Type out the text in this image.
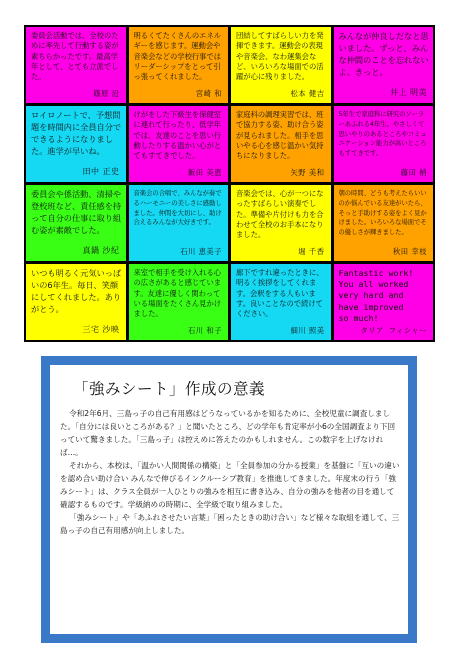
委員会活動では、全校のために率先して行動する姿が素ちらかったです。最高学年として、とても立派でした。
篠原 沿
明るくてたくさんのエネルギーを感じます。運動会や音楽会などの学校行事ではリーダーシップをとって引っ張ってくれました。
宮崎 和
団結してすばらしい力を発揮できます。運動会の表現や音楽会、なわ運集会など、いろいろな場面での活躍が心に残りました。
松本 健吉
みんなが仲良しだなと思いました。ずっと、みんな仲間のことを忘れないよ。きっと。
井上 明美
ロイロノートで、予想問題を時間内に全員自分でできるようになりました。進学が早いね。
田中 正史
けがをした下級生を保健室に連れて行ったり、低学年では、友達のことを思い行動したりする温かい心がとてもすてきでした。
飯田 美恵
家庭科の調理実習では、班で協力する姿、助け合う姿が見られました。相手を思いやる心を感じ温かい気持ちになりました。
矢野 美和
5年生で家庭科に研究のソーラーあふれる4年生。やさしくて思いやりのあるところやコミュニケーション能力が高いところもすてきです。
藤田 梢
委員会や係活動、清掃や登校班など、責任感を持って自分の仕事に取り組む姿が素敵でした。
真鍋 沙紀
音楽会の合唱で、みんなが奏でるハーモニーの美しさに感動しました。仲間を大切にし、助け合えるみんなが大好きです。
石川 恵美子
音楽会では、心が一つになったすばらしい演奏でした。準備や片付けも力を合わせて全校のお手本になりました。
堀 千香
朝の時間、どうも考えたらいいのか悩んでいる友達がいたら、そっと手助けする姿をよく見かけました。いろいろな場面でその優しさが輝きました。
秋田 幸枝
いつも明るく元気いっぱいの6年生。毎日、笑顔にしてくれました。ありがとう。
三宅 沙映
来室で相手を受け入れる心の広さがあると感じています。友達に優しく関わっている場面をたくさん見かけました。
石川 和子
廊下ですれ違ったときに、明るく挨拶をしてくれます。会釈をする人もいます。良いことなので続けてください。
細川 照美
Fantastic work!
You all worked
very hard and
have improved
so much!
タリア フィシャー
「強みシート」作成の意義

令和2年6月、三島っ子の自己有用感はどうなっているかを知るために、全校児童に調査しました。「自分には良いところがある？」と聞いたところ、どの学年も肯定率が小6の全国調査より下回っていて驚きました。「三島っ子」は控えめに答えたのかもしれません。この数字を上げなければ…。

それから、本校は、「温かい人間関係の構築」と「全員参加の分かる授業」を基盤に「互いの違いを認め合い助け合い みんなで伸びるインクルーシブ教育」を推進してきました。年度末の行う「強みシート」は、クラス全員が一人ひとりの強みを相互に書き込み、自分の強みを他者の目を通して確認するものです。学級納めの時期に、全学級で取り組みました。

「強みシート」や「あふれさせたい言葉」「困ったときの助け合い」など様々な取組を通して、三島っ子の自己有用感が向上しました。
